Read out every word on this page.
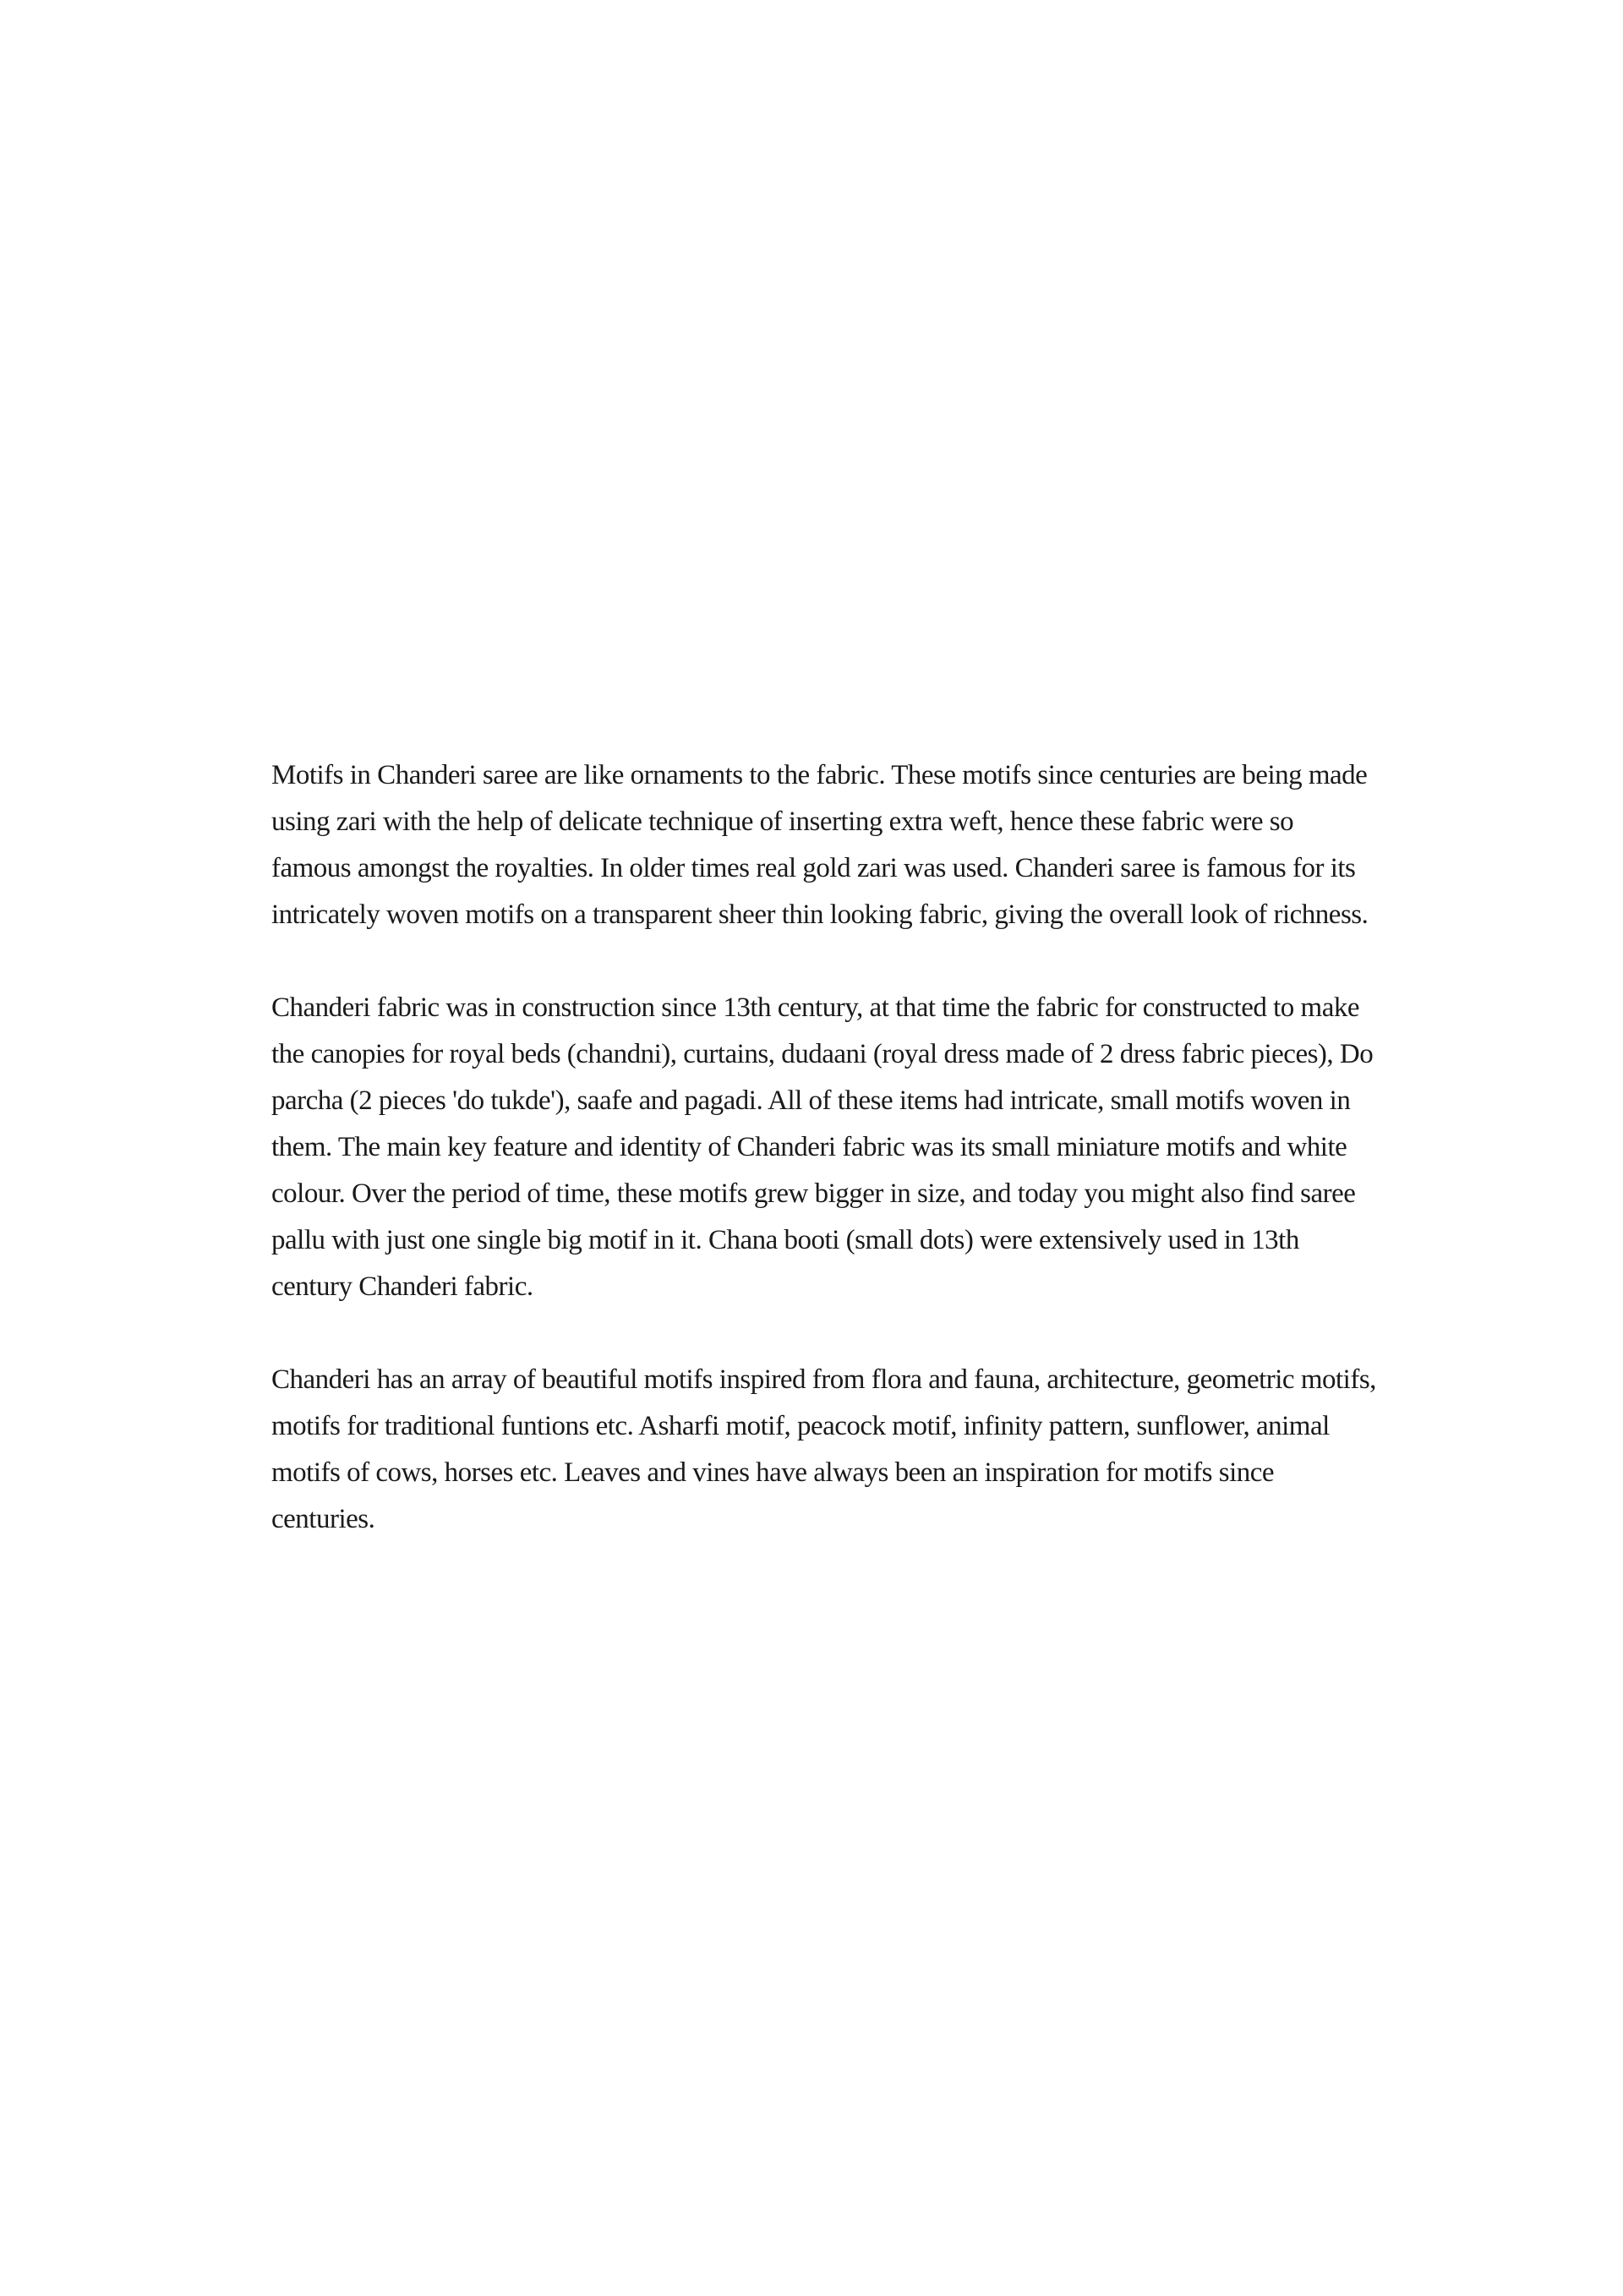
Motifs in Chanderi saree are like ornaments to the fabric. These motifs since centuries are being made using zari with the help of delicate technique of inserting extra weft, hence these fabric were so famous amongst the royalties. In older times real gold zari was used. Chanderi saree is famous for its intricately woven motifs on a transparent sheer thin looking fabric, giving the overall look of richness.

Chanderi fabric was in construction since 13th century, at that time the fabric for constructed to make the canopies for royal beds (chandni), curtains, dudaani (royal dress made of 2 dress fabric pieces), Do parcha (2 pieces 'do tukde'), saafe and pagadi. All of these items had intricate, small motifs woven in them. The main key feature and identity of Chanderi fabric was its small miniature motifs and white colour. Over the period of time, these motifs grew bigger in size, and today you might also find saree pallu with just one single big motif in it. Chana booti (small dots) were extensively used in 13th century Chanderi fabric.

Chanderi has an array of beautiful motifs inspired from flora and fauna, architecture, geometric motifs, motifs for traditional funtions etc. Asharfi motif, peacock motif, infinity pattern, sunflower, animal motifs of cows, horses etc. Leaves and vines have always been an inspiration for motifs since centuries.
